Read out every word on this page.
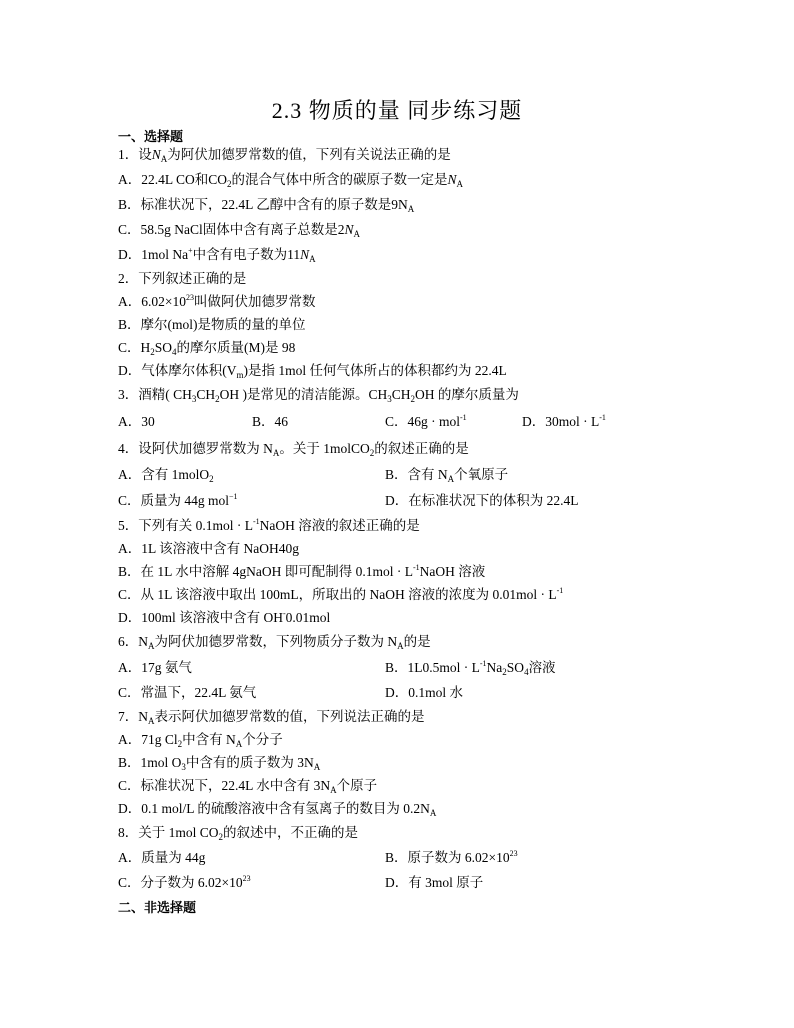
2.3 物质的量 同步练习题
一、选择题
1．设$N_A$为阿伏加德罗常数的值，下列有关说法正确的是
A．22.4L CO和$CO_2$的混合气体中所含的碳原子数一定是$N_A$
B．标准状况下，22.4L 乙醇中含有的原子数是$9N_A$
C．58.5g NaCl固体中含有离子总数是$2N_A$
D．1mol Na+中含有电子数为$11N_A$
2．下列叙述正确的是
A．$6.02\times 10^{23}$叫做阿伏加德罗常数
B．摩尔(mol)是物质的量的单位
C．$H_2SO_4$的摩尔质量(M)是 98
D．气体摩尔体积$(V_m)$是指 1mol 任何气体所占的体积都约为 22.4L
3．酒精( $CH_3CH_2OH$ )是常见的清洁能源。$CH_3CH_2OH$ 的摩尔质量为
A．30	B．46	C．46g · mol$^{-1}$	D．$30mol \cdot L^{-1}$
4．设阿伏加德罗常数为 $N_A$。关于 1molCO$_2$的叙述正确的是
A．含有 1molO$_2$	B．含有 $N_A$个氧原子
C．质量为 44g mol$^{-1}$	D．在标准状况下的体积为 22.4L
5．下列有关 $0.1mol \cdot L^{-1}NaOH$ 溶液的叙述正确的是
A．1L 该溶液中含有 NaOH40g
B．在 1L 水中溶解 4gNaOH 即可配制得 $0.1mol \cdot L^{-1}NaOH$ 溶液
C．从 1L 该溶液中取出 100mL，所取出的 NaOH 溶液的浓度为 $0.01mol \cdot L^{-1}$
D．100ml 该溶液中含有 OH-0.01mol
6．$N_A$为阿伏加德罗常数，下列物质分子数为 $N_A$的是
A．17g 氨气	B．$1L0.5mol \cdot L^{-1}Na_2SO_4$溶液
C．常温下，22.4L 氨气	D．0.1mol 水
7．$N_A$表示阿伏加德罗常数的值，下列说法正确的是
A．71g $Cl_2$中含有 $N_A$个分子
B．1mol $O_3$中含有的质子数为 $3N_A$
C．标准状况下，22.4L 水中含有 $3N_A$个原子
D．0.1 mol/L 的硫酸溶液中含有氢离子的数目为 $0.2N_A$
8．关于 1mol $CO_2$的叙述中，不正确的是
A．质量为 44g	B．原子数为 $6.02\times 10^{23}$
C．分子数为 $6.02\times 10^{23}$	D．有 3mol 原子
二、非选择题
